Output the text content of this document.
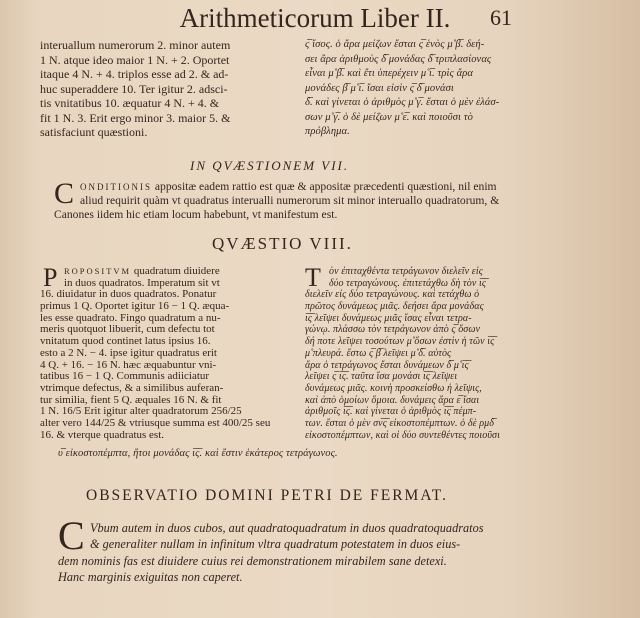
Arithmeticorum Liber II.	61
interuallum numerorum 2. minor autem
1 N. atque ideo maior 1 N. + 2. Oportet
itaque 4 N. + 4. triplos esse ad 2. & ad-
huc superaddere 10. Ter igitur 2. adsci-
tis vnitatibus 10. æquatur 4 N. + 4. &
fit 1 N. 3. Erit ergo minor 3. maior 5. &
satisfaciunt quæstioni.
ς̅ ἴσος. ὁ ἄρα μείζων ἔσται ς̅ ἑνὸς μ̊ β̅. δεή-
σει ἄρα ἀριθμοὺς δ̅ μονάδας δ̅ τριπλασίονας
εἶναι μ̊ β̅. καὶ ἔτι ὑπερέχειν μ̊ ι̅. τρὶς ἄρα
μονάδες β̅ μ̊ ι̅. ἴσαι εἰσὶν ς̅ δ̅ μονάσι
δ̅. καὶ γίνεται ὁ ἀριθμὸς μ̊ γ̅. ἔσται ὁ μὲν ἐλάσ-
σων μ̊ γ̅. ὁ δὲ μείζων μ̊ ε̅. καὶ ποιοῦσι τὸ
πρόβλημα.
IN QVÆSTIONEM VII.
C ONDITIONIS appositæ eadem rattio est quæ & appositæ præcedenti quæstioni, nil enim
aliud requirit quàm vt quadratus interualli numerorum sit minor interuallo quadratorum, &
Canones iidem hic etiam locum habebunt, vt manifestum est.
QVÆSTIO VIII.
P ROPOSITVM quadratum diuidere
in duos quadratos. Imperatum sit vt
16. diuidatur in duos quadratos. Ponatur
primus 1 Q. Oportet igitur 16 − 1 Q. æqua-
les esse quadrato. Fingo quadratum a nu-
meris quotquot libuerit, cum defectu tot
vnitatum quod continet latus ipsius 16.
esto a 2 N. − 4. ipse igitur quadratus erit
4 Q. + 16. − 16 N. hæc æquabuntur vni-
tatibus 16 − 1 Q. Communis adiiciatur
vtrimque defectus, & a similibus auferan-
tur similia, fient 5 Q. æquales 16 N. & fit
1 N. 16/5 Erit igitur alter quadratorum 256/25
alter vero 144/25 & vtriusque summa est 400/25 seu
16. & vterque quadratus est.
Τ ὸν ἐπιταχθέντα τετράγωνον διελεῖν εἰς
δύο τετραγώνους. ἐπιτετάχθω δὴ τὸν ι̅ς̅
διελεῖν εἰς δύο τετραγώνους. καὶ τετάχθω ὁ
πρῶτος δυνάμεως μιᾶς. δεήσει ἄρα μονάδας
ι̅ς̅ λεῖψει δυνάμεως μιᾶς ἴσας εἶναι τετρα-
γώνῳ. πλάσσω τὸν τετράγωνον ἀπὸ ς̅ ὅσων
δή ποτε λεῖψει τοσούτων μ̊ ὅσων ἐστὶν ἡ τῶν ι̅ς̅
μ̊ πλευρά. ἔστω ς̅ β̅ λεῖψει μ̊ δ̅. αὐτὸς
ἄρα ὁ τετράγωνος ἔσται δυνάμεων δ̅ μ̊ ι̅ς̅
λεῖψει ς̅ ι̅ς̅. ταῦτα ἴσα μονάσι ι̅ς̅ λεῖψει
δυνάμεως μιᾶς. κοινὴ προσκείσθω ἡ λεῖψις,
καὶ ἀπὸ ὁμοίων ὅμοια. δυνάμεις ἄρα ε̅ ἴσαι
ἀριθμοῖς ι̅ς̅. καὶ γίνεται ὁ ἀριθμὸς ι̅ς̅ πέμπ-
των. ἔσται ὁ μὲν σν̅ς̅ εἰκοστοπέμπτων. ὁ δὲ ρμδ̅
εἰκοστοπέμπτων, καὶ οἱ δύο συντεθέντες ποιοῦσι
υ̅ εἰκοστοπέμπτα, ἤτοι μονάδας ι̅ς̅. καὶ ἔστιν ἑκάτερος τετράγωνος.
OBSERVATIO DOMINI PETRI DE FERMAT.
C Vbum autem in duos cubos, aut quadratoquadratum in duos quadratoquadratos
& generaliter nullam in infinitum vltra quadratum potestatem in duos eius-
dem nominis fas est diuidere cuius rei demonstrationem mirabilem sane detexi.
Hanc marginis exiguitas non caperet.
